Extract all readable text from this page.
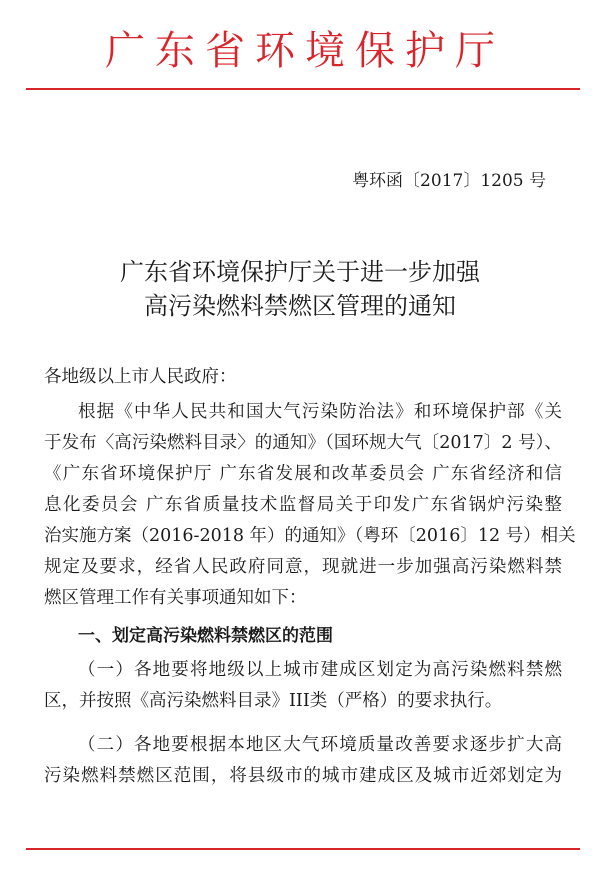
广东省环境保护厅
粤环函〔2017〕1205 号
广东省环境保护厅关于进一步加强
高污染燃料禁燃区管理的通知
各地级以上市人民政府：
根据《中华人民共和国大气污染防治法》和环境保护部《关
于发布〈高污染燃料目录〉的通知》（国环规大气〔2017〕2 号）、
《广东省环境保护厅 广东省发展和改革委员会 广东省经济和信
息化委员会 广东省质量技术监督局关于印发广东省锅炉污染整
治实施方案（2016-2018 年）的通知》（粤环〔2016〕12 号）相关
规定及要求，经省人民政府同意，现就进一步加强高污染燃料禁
燃区管理工作有关事项通知如下：
一、划定高污染燃料禁燃区的范围
（一）各地要将地级以上城市建成区划定为高污染燃料禁燃
区，并按照《高污染燃料目录》III类（严格）的要求执行。
（二）各地要根据本地区大气环境质量改善要求逐步扩大高
污染燃料禁燃区范围，将县级市的城市建成区及城市近郊划定为
